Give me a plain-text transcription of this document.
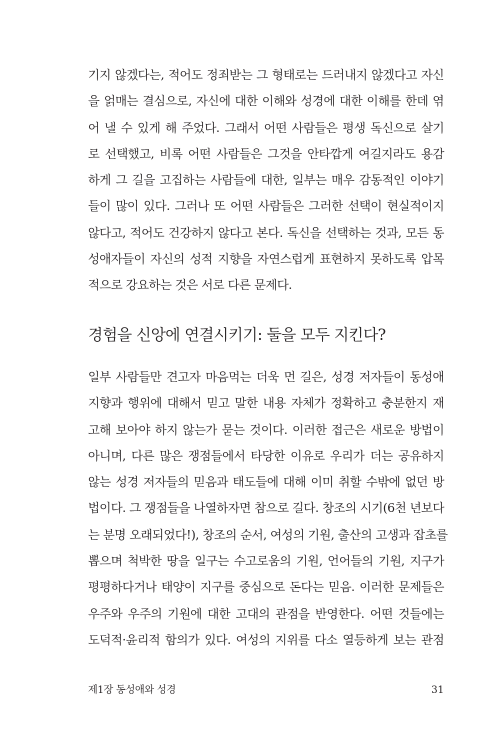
기지 않겠다는, 적어도 정죄받는 그 형태로는 드러내지 않겠다고 자신
을 얽매는 결심으로, 자신에 대한 이해와 성경에 대한 이해를 한데 엮
어 낼 수 있게 해 주었다. 그래서 어떤 사람들은 평생 독신으로 살기
로 선택했고, 비록 어떤 사람들은 그것을 안타깝게 여길지라도 용감
하게 그 길을 고집하는 사람들에 대한, 일부는 매우 감동적인 이야기
들이 많이 있다. 그러나 또 어떤 사람들은 그러한 선택이 현실적이지
않다고, 적어도 건강하지 않다고 본다. 독신을 선택하는 것과, 모든 동
성애자들이 자신의 성적 지향을 자연스럽게 표현하지 못하도록 압목
적으로 강요하는 것은 서로 다른 문제다.
경험을 신앙에 연결시키기: 둘을 모두 지킨다?
일부 사람들만 견고자 마음먹는 더욱 먼 길은, 성경 저자들이 동성애
지향과 행위에 대해서 믿고 말한 내용 자체가 정확하고 충분한지 재
고해 보아야 하지 않는가 묻는 것이다. 이러한 접근은 새로운 방법이
아니며, 다른 많은 쟁점들에서 타당한 이유로 우리가 더는 공유하지
않는 성경 저자들의 믿음과 태도들에 대해 이미 취할 수밖에 없던 방
법이다. 그 쟁점들을 나열하자면 참으로 길다. 창조의 시기(6천 년보다
는 분명 오래되었다!), 창조의 순서, 여성의 기원, 출산의 고생과 잡초를
뽑으며 척박한 땅을 일구는 수고로움의 기원, 언어들의 기원, 지구가
평평하다거나 태양이 지구를 중심으로 돈다는 믿음. 이러한 문제들은
우주와 우주의 기원에 대한 고대의 관점을 반영한다. 어떤 것들에는
도덕적·윤리적 함의가 있다. 여성의 지위를 다소 열등하게 보는 관점
제1장 동성애와 성경	31
